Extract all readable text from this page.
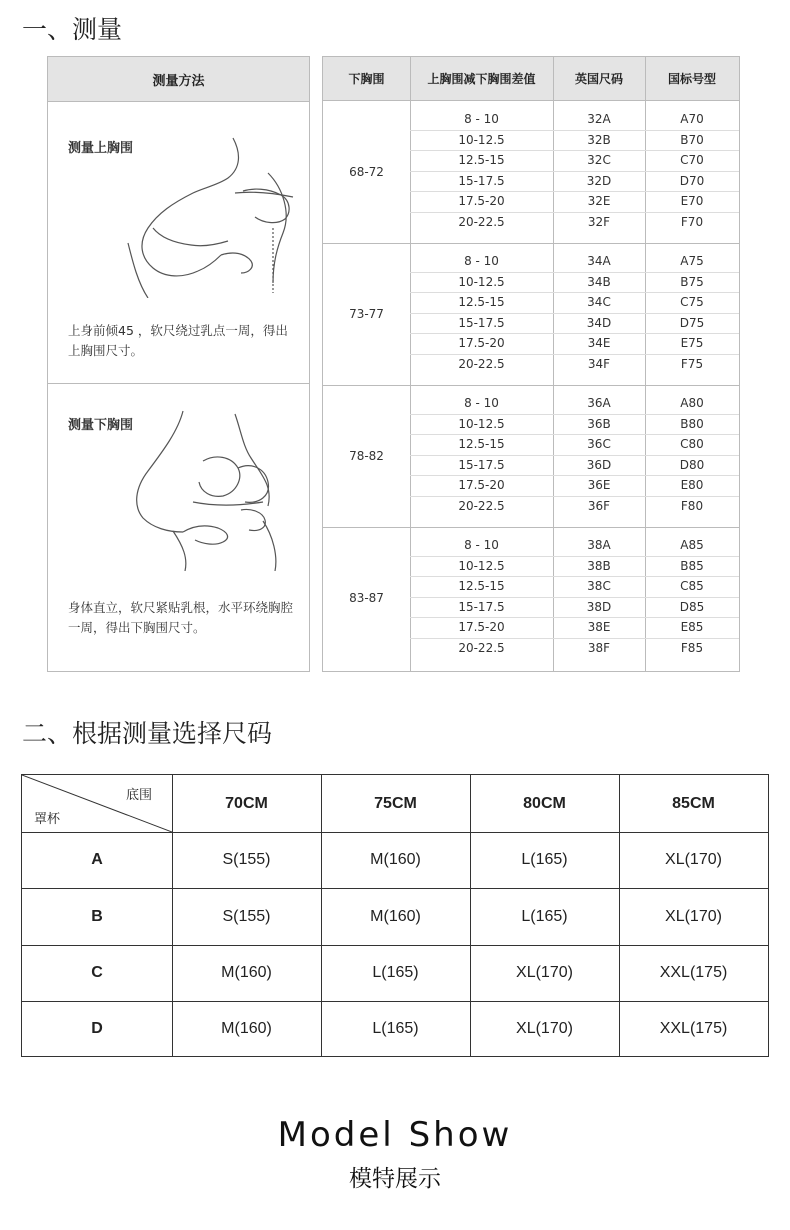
一、测量
测量方法
测量上胸围
上身前倾45 ，软尺绕过乳点一周，得出上胸围尺寸。
测量下胸围
身体直立，软尺紧贴乳根，水平环绕胸腔一周，得出下胸围尺寸。
下胸围	上胸围减下胸围差值	英国尺码	国标号型
68-72
8 - 10	32A	A70
10-12.5	32B	B70
12.5-15	32C	C70
15-17.5	32D	D70
17.5-20	32E	E70
20-22.5	32F	F70
73-77
8 - 10	34A	A75
10-12.5	34B	B75
12.5-15	34C	C75
15-17.5	34D	D75
17.5-20	34E	E75
20-22.5	34F	F75
78-82
8 - 10	36A	A80
10-12.5	36B	B80
12.5-15	36C	C80
15-17.5	36D	D80
17.5-20	36E	E80
20-22.5	36F	F80
83-87
8 - 10	38A	A85
10-12.5	38B	B85
12.5-15	38C	C85
15-17.5	38D	D85
17.5-20	38E	E85
20-22.5	38F	F85
二、根据测量选择尺码
底围
罩杯
70CM	75CM	80CM	85CM
A	S(155)	M(160)	L(165)	XL(170)
B	S(155)	M(160)	L(165)	XL(170)
C	M(160)	L(165)	XL(170)	XXL(175)
D	M(160)	L(165)	XL(170)	XXL(175)
Model Show
模特展示
